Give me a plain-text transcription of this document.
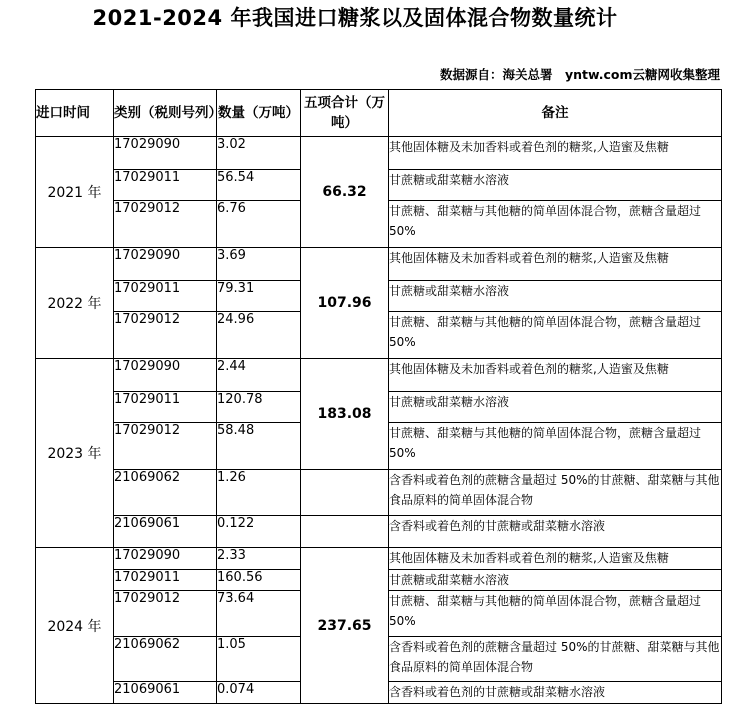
2021-2024 年我国进口糖浆以及固体混合物数量统计
数据源自：海关总署　yntw.com云糖网收集整理
进口时间	类别（税则号列）	数量（万吨）	五项合计（万吨）	备注
2021 年	17029090	3.02	66.32	其他固体糖及未加香料或着色剂的糖浆,人造蜜及焦糖
	17029011	56.54		甘蔗糖或甜菜糖水溶液
	17029012	6.76		甘蔗糖、甜菜糖与其他糖的简单固体混合物，蔗糖含量超过 50%
2022 年	17029090	3.69	107.96	其他固体糖及未加香料或着色剂的糖浆,人造蜜及焦糖
	17029011	79.31		甘蔗糖或甜菜糖水溶液
	17029012	24.96		甘蔗糖、甜菜糖与其他糖的简单固体混合物，蔗糖含量超过 50%
2023 年	17029090	2.44	183.08	其他固体糖及未加香料或着色剂的糖浆,人造蜜及焦糖
	17029011	120.78		甘蔗糖或甜菜糖水溶液
	17029012	58.48		甘蔗糖、甜菜糖与其他糖的简单固体混合物，蔗糖含量超过 50%
	21069062	1.26		含香料或着色剂的蔗糖含量超过 50%的甘蔗糖、甜菜糖与其他食品原料的简单固体混合物
	21069061	0.122		含香料或着色剂的甘蔗糖或甜菜糖水溶液
2024 年	17029090	2.33	237.65	其他固体糖及未加香料或着色剂的糖浆,人造蜜及焦糖
	17029011	160.56		甘蔗糖或甜菜糖水溶液
	17029012	73.64		甘蔗糖、甜菜糖与其他糖的简单固体混合物，蔗糖含量超过 50%
	21069062	1.05		含香料或着色剂的蔗糖含量超过 50%的甘蔗糖、甜菜糖与其他食品原料的简单固体混合物
	21069061	0.074		含香料或着色剂的甘蔗糖或甜菜糖水溶液
